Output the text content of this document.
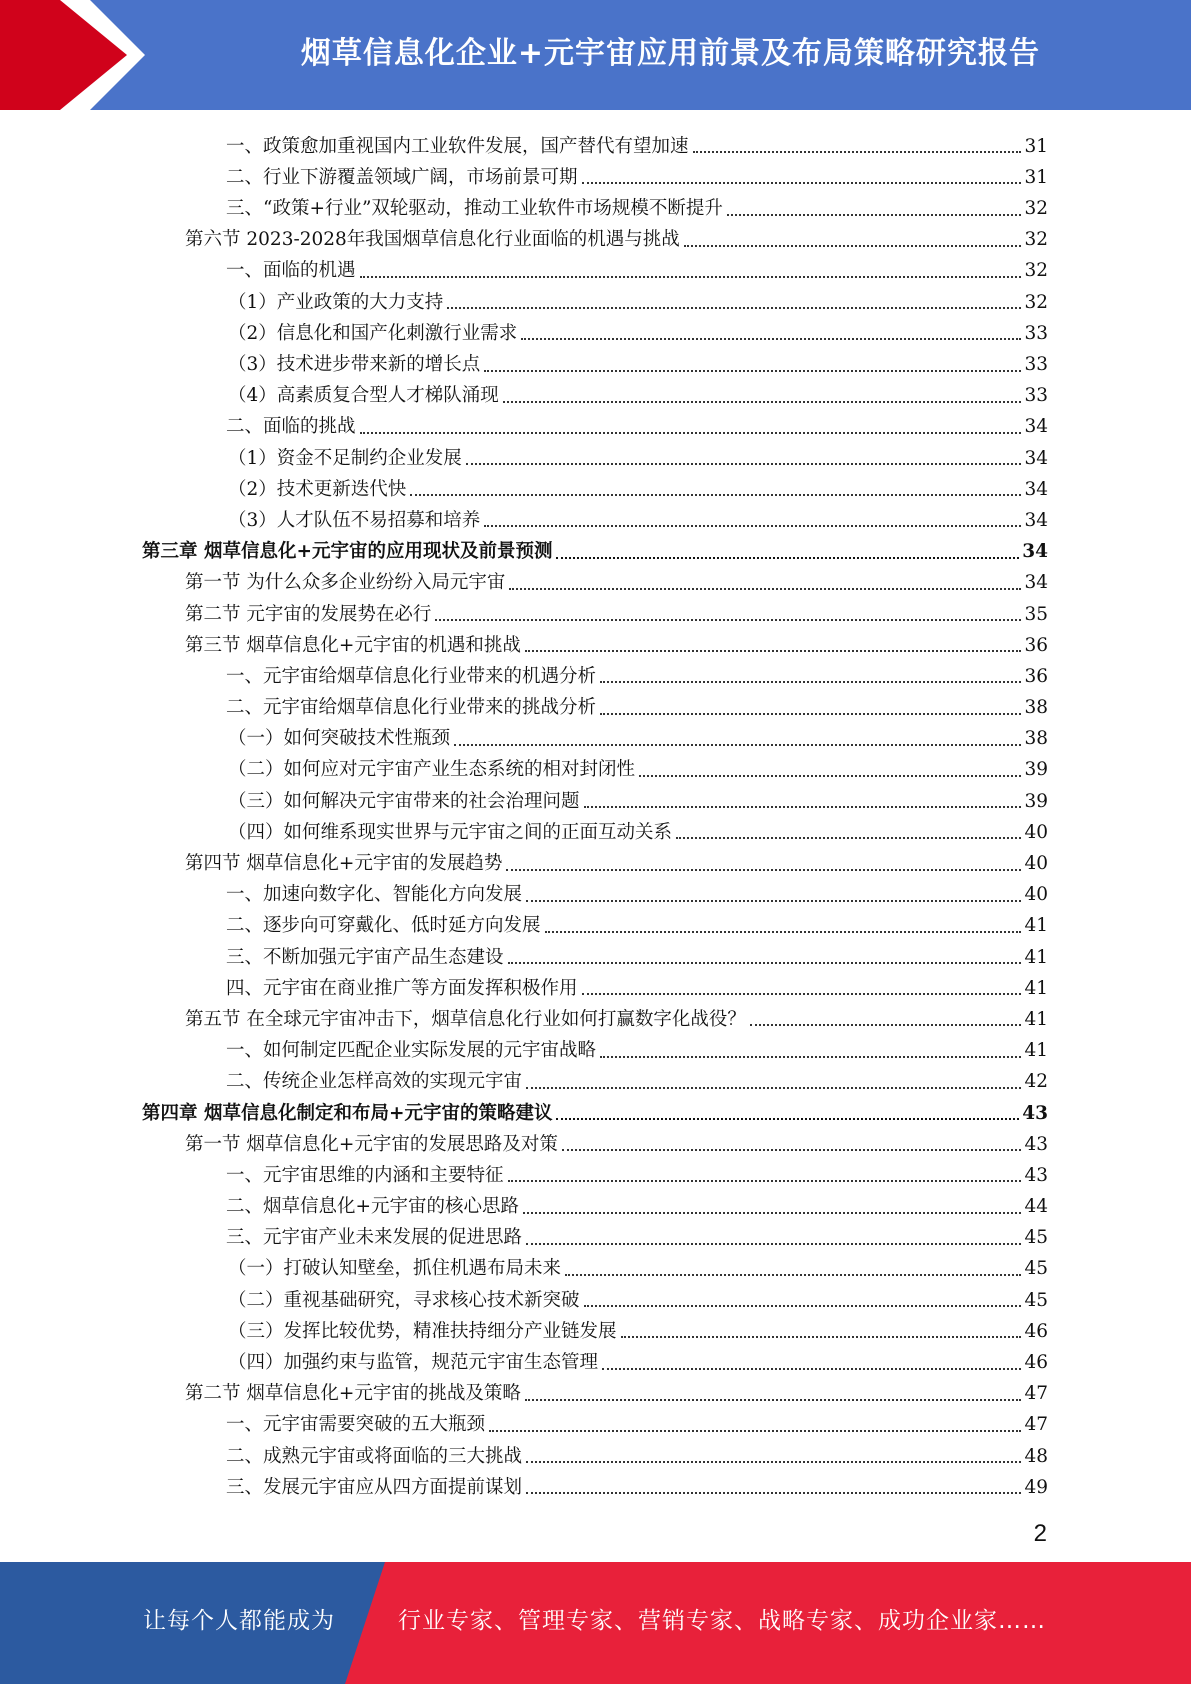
烟草信息化企业+元宇宙应用前景及布局策略研究报告
一、政策愈加重视国内工业软件发展，国产替代有望加速	31
二、行业下游覆盖领域广阔，市场前景可期	31
三、“政策+行业”双轮驱动，推动工业软件市场规模不断提升	32
第六节 2023-2028年我国烟草信息化行业面临的机遇与挑战	32
一、面临的机遇	32
（1）产业政策的大力支持	32
（2）信息化和国产化刺激行业需求	33
（3）技术进步带来新的增长点	33
（4）高素质复合型人才梯队涌现	33
二、面临的挑战	34
（1）资金不足制约企业发展	34
（2）技术更新迭代快	34
（3）人才队伍不易招募和培养	34
第三章 烟草信息化+元宇宙的应用现状及前景预测	34
第一节 为什么众多企业纷纷入局元宇宙	34
第二节 元宇宙的发展势在必行	35
第三节 烟草信息化+元宇宙的机遇和挑战	36
一、元宇宙给烟草信息化行业带来的机遇分析	36
二、元宇宙给烟草信息化行业带来的挑战分析	38
（一）如何突破技术性瓶颈	38
（二）如何应对元宇宙产业生态系统的相对封闭性	39
（三）如何解决元宇宙带来的社会治理问题	39
（四）如何维系现实世界与元宇宙之间的正面互动关系	40
第四节 烟草信息化+元宇宙的发展趋势	40
一、加速向数字化、智能化方向发展	40
二、逐步向可穿戴化、低时延方向发展	41
三、不断加强元宇宙产品生态建设	41
四、元宇宙在商业推广等方面发挥积极作用	41
第五节 在全球元宇宙冲击下，烟草信息化行业如何打赢数字化战役？	41
一、如何制定匹配企业实际发展的元宇宙战略	41
二、传统企业怎样高效的实现元宇宙	42
第四章 烟草信息化制定和布局+元宇宙的策略建议	43
第一节 烟草信息化+元宇宙的发展思路及对策	43
一、元宇宙思维的内涵和主要特征	43
二、烟草信息化+元宇宙的核心思路	44
三、元宇宙产业未来发展的促进思路	45
（一）打破认知壁垒，抓住机遇布局未来	45
（二）重视基础研究，寻求核心技术新突破	45
（三）发挥比较优势，精准扶持细分产业链发展	46
（四）加强约束与监管，规范元宇宙生态管理	46
第二节 烟草信息化+元宇宙的挑战及策略	47
一、元宇宙需要突破的五大瓶颈	47
二、成熟元宇宙或将面临的三大挑战	48
三、发展元宇宙应从四方面提前谋划	49
2
让每个人都能成为	行业专家、管理专家、营销专家、战略专家、成功企业家……
